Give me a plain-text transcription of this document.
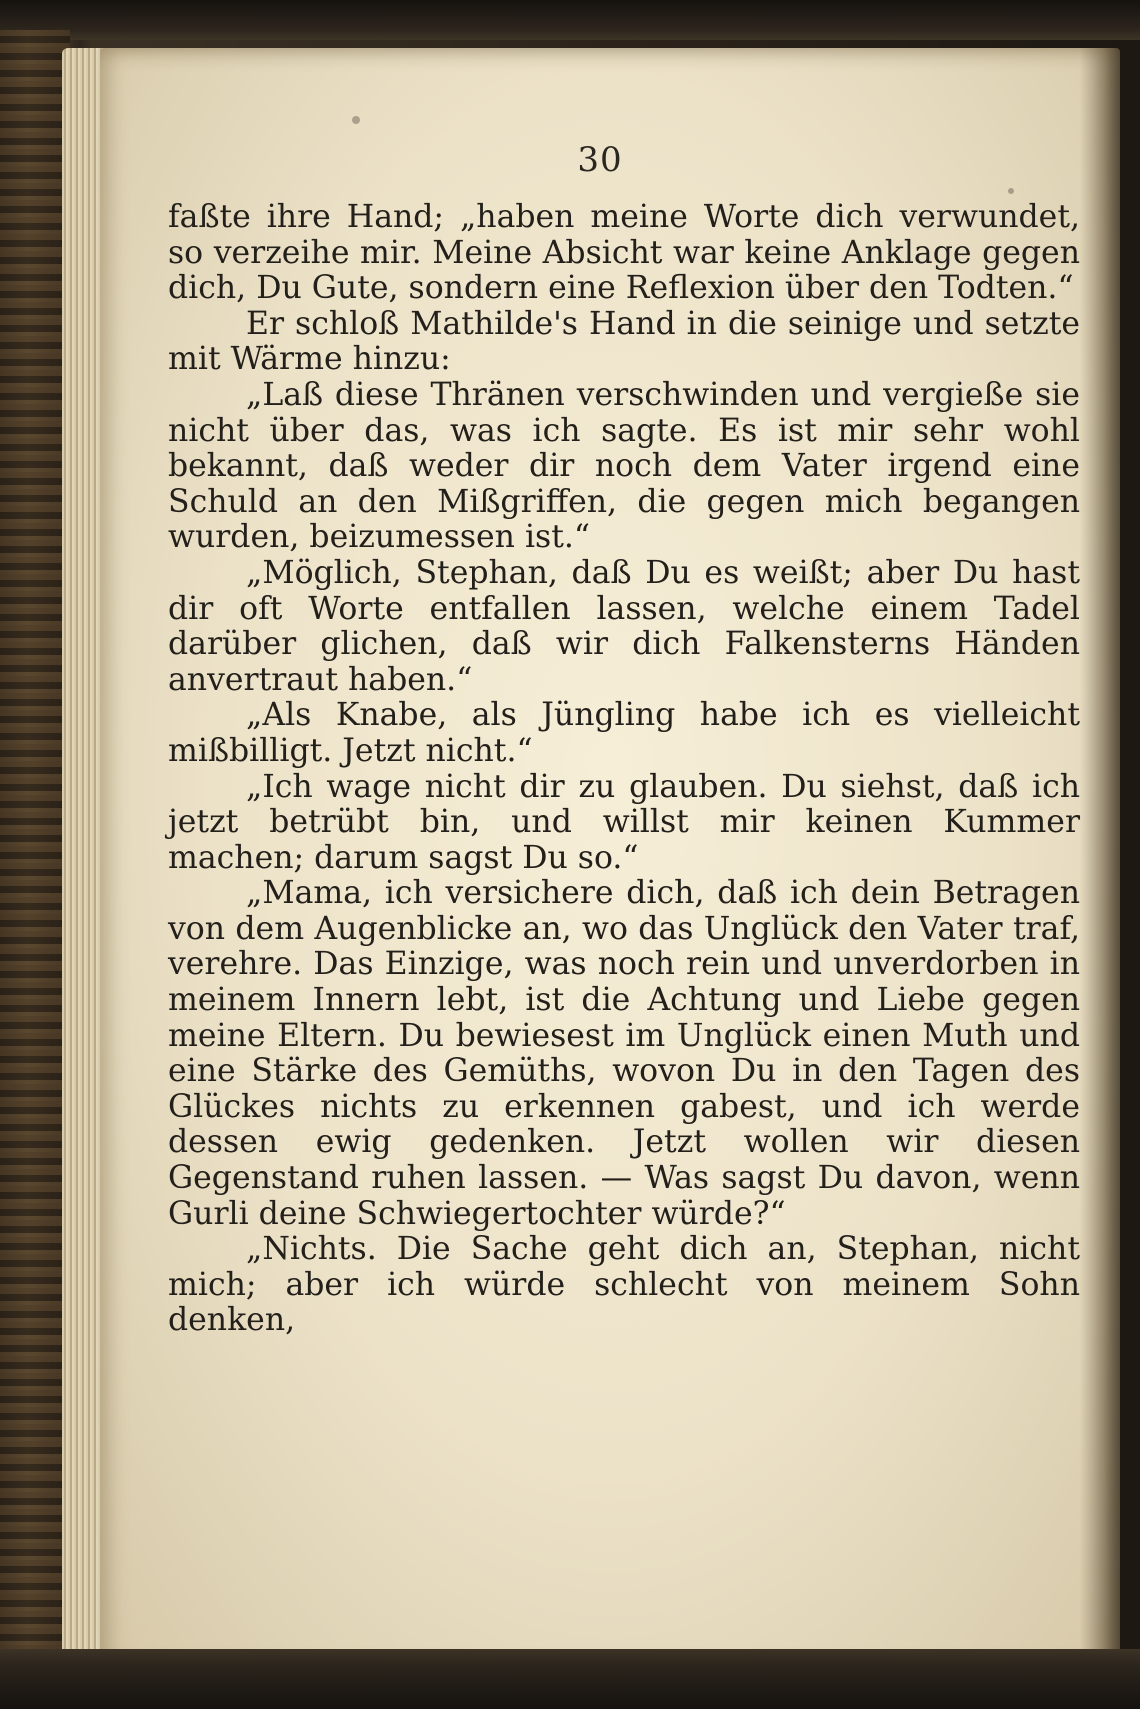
30

faßte ihre Hand; „haben meine Worte dich verwundet, so verzeihe mir. Meine Absicht war keine Anklage gegen dich, Du Gute, sondern eine Reflexion über den Todten.“

Er schloß Mathilde's Hand in die seinige und setzte mit Wärme hinzu:

„Laß diese Thränen verschwinden und vergieße sie nicht über das, was ich sagte. Es ist mir sehr wohl bekannt, daß weder dir noch dem Vater irgend eine Schuld an den Mißgriffen, die gegen mich begangen wurden, beizumessen ist.“

„Möglich, Stephan, daß Du es weißt; aber Du hast dir oft Worte entfallen lassen, welche einem Tadel darüber glichen, daß wir dich Falkensterns Händen anvertraut haben.“

„Als Knabe, als Jüngling habe ich es vielleicht mißbilligt. Jetzt nicht.“

„Ich wage nicht dir zu glauben. Du siehst, daß ich jetzt betrübt bin, und willst mir keinen Kummer machen; darum sagst Du so.“

„Mama, ich versichere dich, daß ich dein Betragen von dem Augenblicke an, wo das Unglück den Vater traf, verehre. Das Einzige, was noch rein und unverdorben in meinem Innern lebt, ist die Achtung und Liebe gegen meine Eltern. Du bewiesest im Unglück einen Muth und eine Stärke des Gemüths, wovon Du in den Tagen des Glückes nichts zu erkennen gabest, und ich werde dessen ewig gedenken. Jetzt wollen wir diesen Gegenstand ruhen lassen. — Was sagst Du davon, wenn Gurli deine Schwiegertochter würde?“

„Nichts. Die Sache geht dich an, Stephan, nicht mich; aber ich würde schlecht von meinem Sohn denken,
